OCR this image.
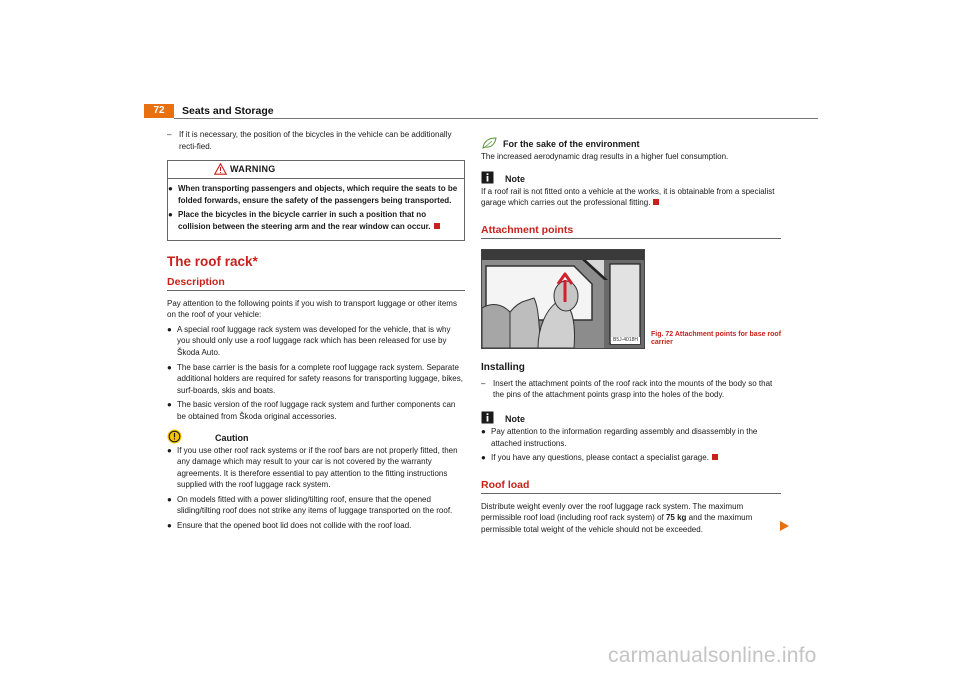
72	Seats and Storage
– If it is necessary, the position of the bicycles in the vehicle can be additionally recti-fied.
WARNING
● When transporting passengers and objects, which require the seats to be folded forwards, ensure the safety of the passengers being transported.
● Place the bicycles in the bicycle carrier in such a position that no collision between the steering arm and the rear window can occur.
The roof rack*
Description

Pay attention to the following points if you wish to transport luggage or other items on the roof of your vehicle:

● A special roof luggage rack system was developed for the vehicle, that is why you should only use a roof luggage rack which has been released for use by Škoda Auto.
● The base carrier is the basis for a complete roof luggage rack system. Separate additional holders are required for safety reasons for transporting luggage, bikes, surf-boards, skis and boats.
● The basic version of the roof luggage rack system and further components can be obtained from Škoda original accessories.
Caution
● If you use other roof rack systems or if the roof bars are not properly fitted, then any damage which may result to your car is not covered by the warranty agreements. It is therefore essential to pay attention to the fitting instructions supplied with the roof luggage rack system.
● On models fitted with a power sliding/tilting roof, ensure that the opened sliding/tilting roof does not strike any items of luggage transported on the roof.
● Ensure that the opened boot lid does not collide with the roof load.
For the sake of the environment

The increased aerodynamic drag results in a higher fuel consumption.

Note

If a roof rail is not fitted onto a vehicle at the works, it is obtainable from a specialist garage which carries out the professional fitting.

Attachment points
B5J-4018H
Fig. 72 Attachment points for base roof carrier
Installing
– Insert the attachment points of the roof rack into the mounts of the body so that the pins of the attachment points grasp into the holes of the body.
Note
● Pay attention to the information regarding assembly and disassembly in the attached instructions.
● If you have any questions, please contact a specialist garage.
Roof load

Distribute weight evenly over the roof luggage rack system. The maximum permissible roof load (including roof rack system) of 75 kg and the maximum permissible total weight of the vehicle should not be exceeded.

carmanualsonline.info
